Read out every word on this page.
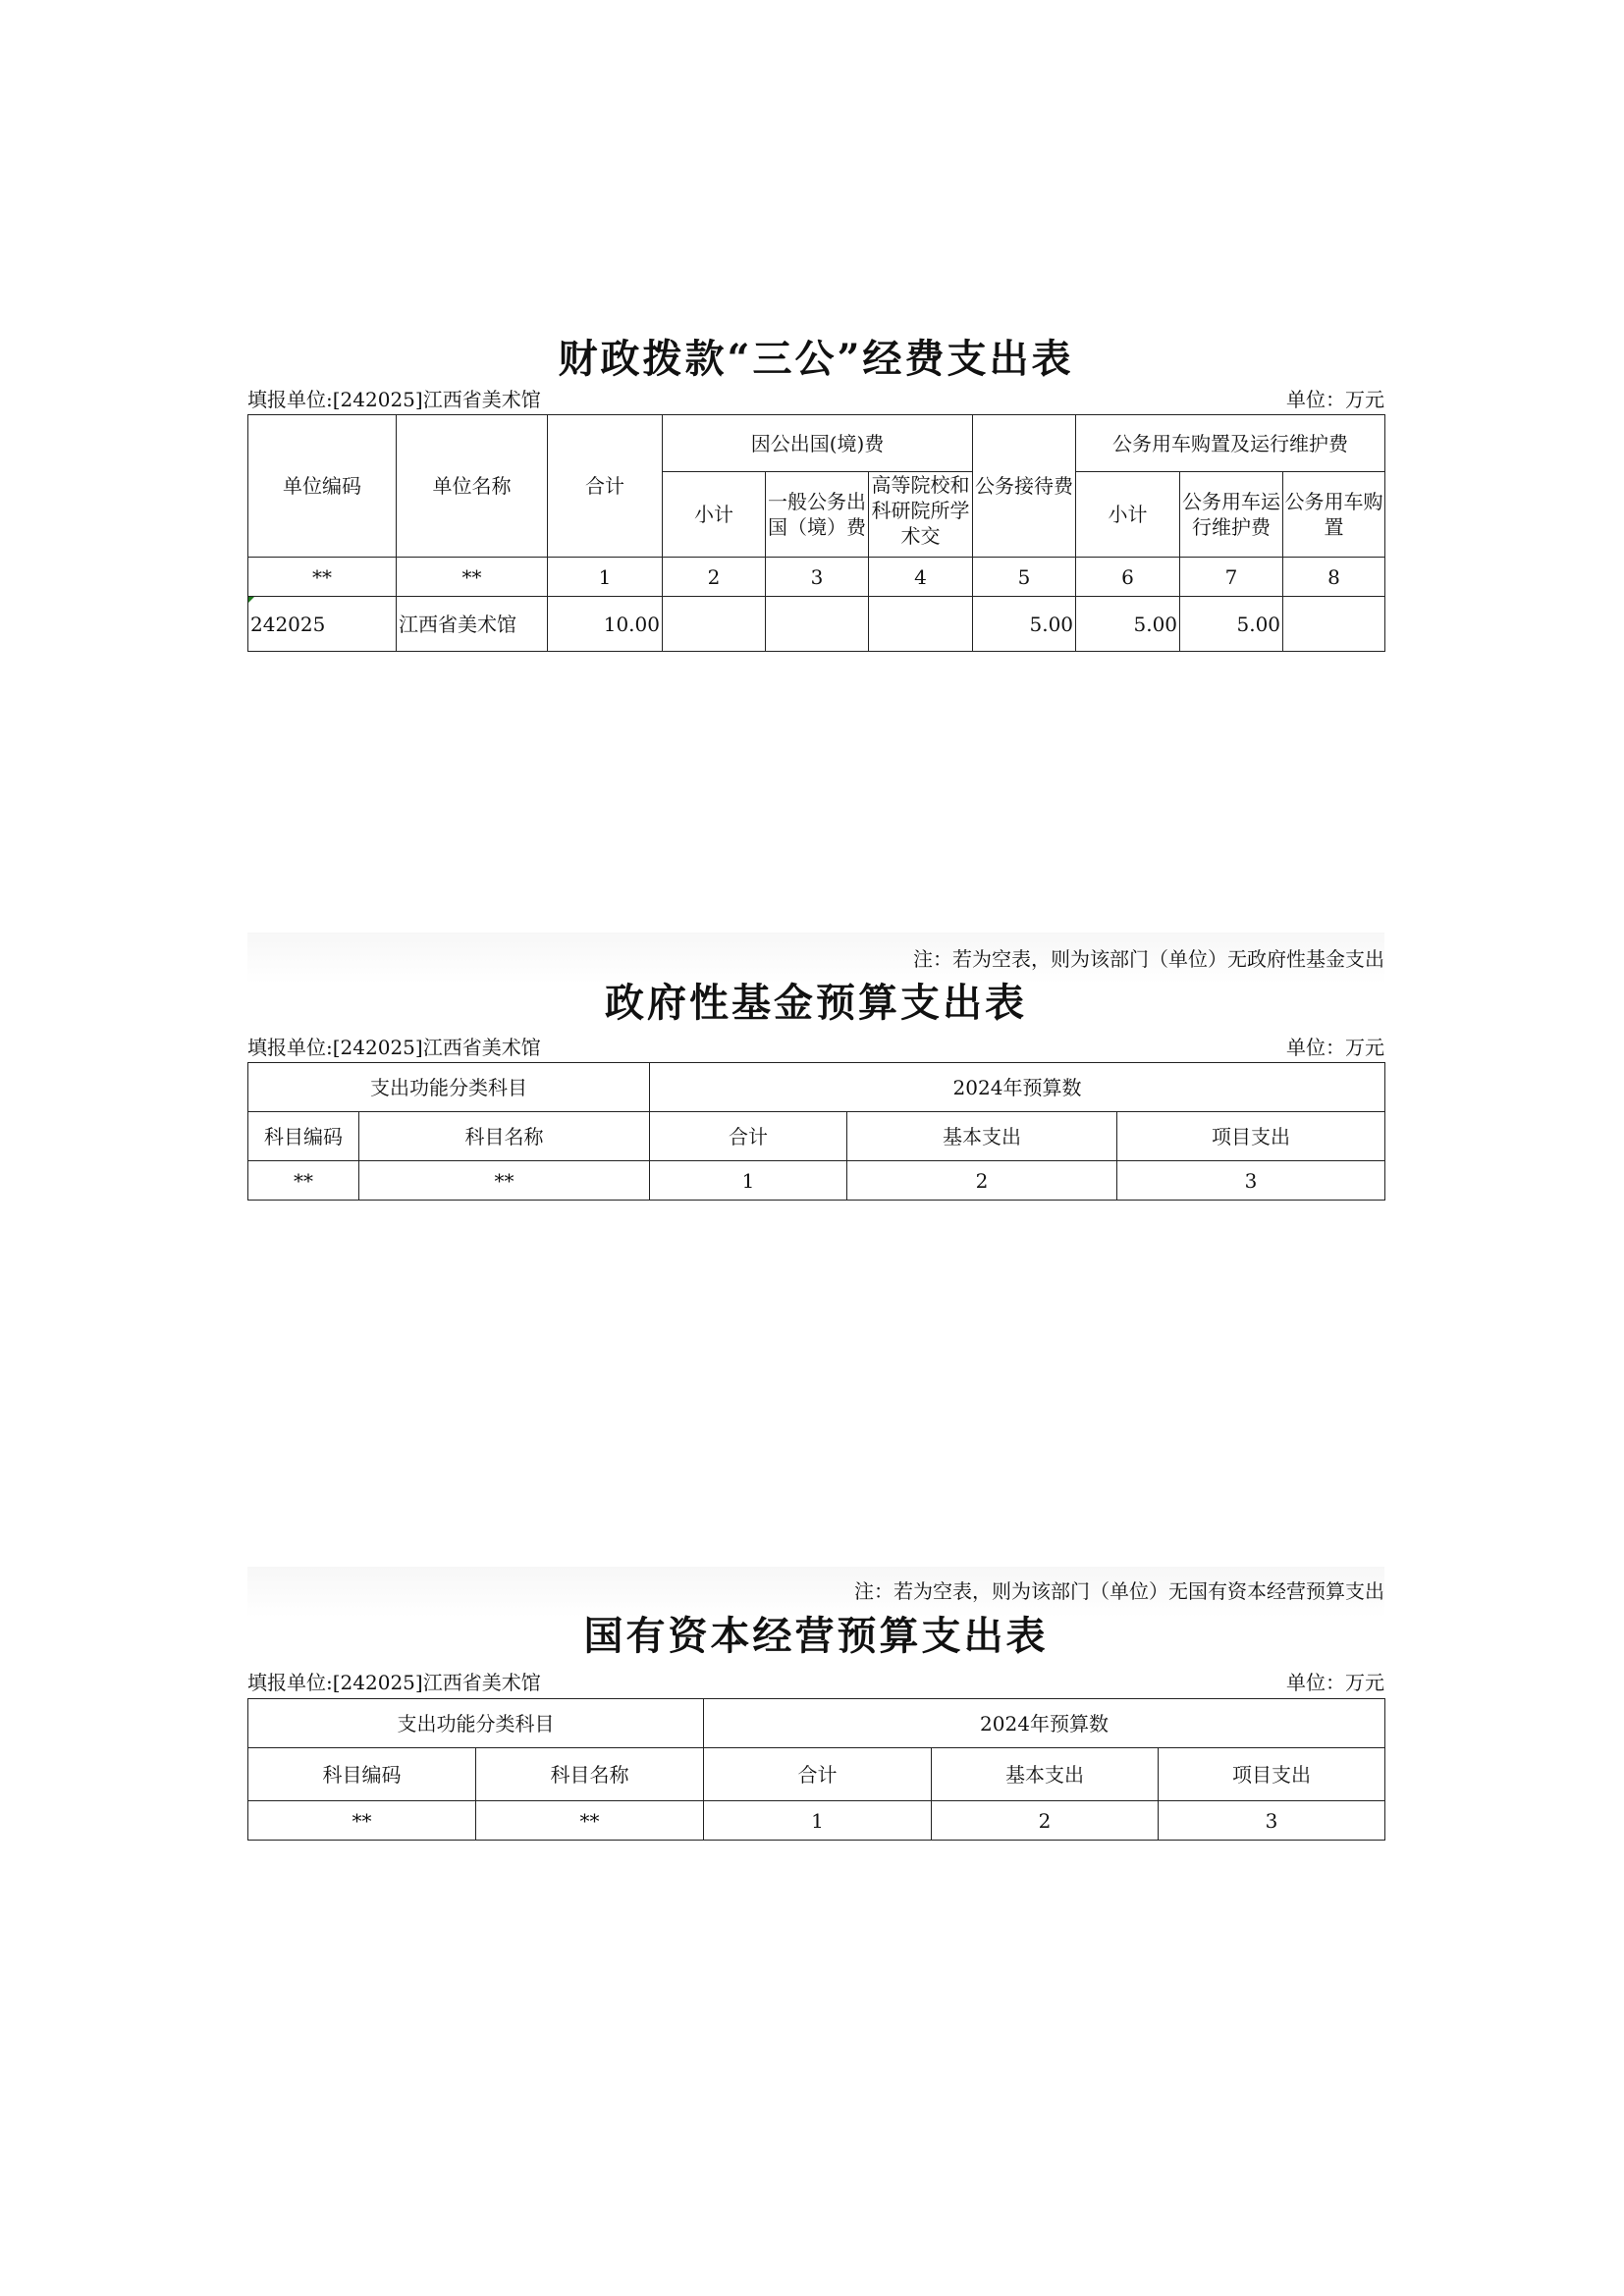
财政拨款“三公”经费支出表
填报单位:[242025]江西省美术馆	单位：万元
单位编码	单位名称	合计	因公出国(境)费			公务接待费	公务用车购置及运行维护费		
			小计	一般公务出国（境）费	高等院校和科研院所学术交		小计	公务用车运行维护费	公务用车购置
**	**	1	2	3	4	5	6	7	8

242025	江西省美术馆	10.00				5.00	5.00	5.00	
注：若为空表，则为该部门（单位）无政府性基金支出
政府性基金预算支出表
填报单位:[242025]江西省美术馆	单位：万元
支出功能分类科目		2024年预算数		
科目编码	科目名称	合计	基本支出	项目支出
**	**	1	2	3
注：若为空表，则为该部门（单位）无国有资本经营预算支出
国有资本经营预算支出表
填报单位:[242025]江西省美术馆	单位：万元
支出功能分类科目		2024年预算数		
科目编码	科目名称	合计	基本支出	项目支出
**	**	1	2	3
